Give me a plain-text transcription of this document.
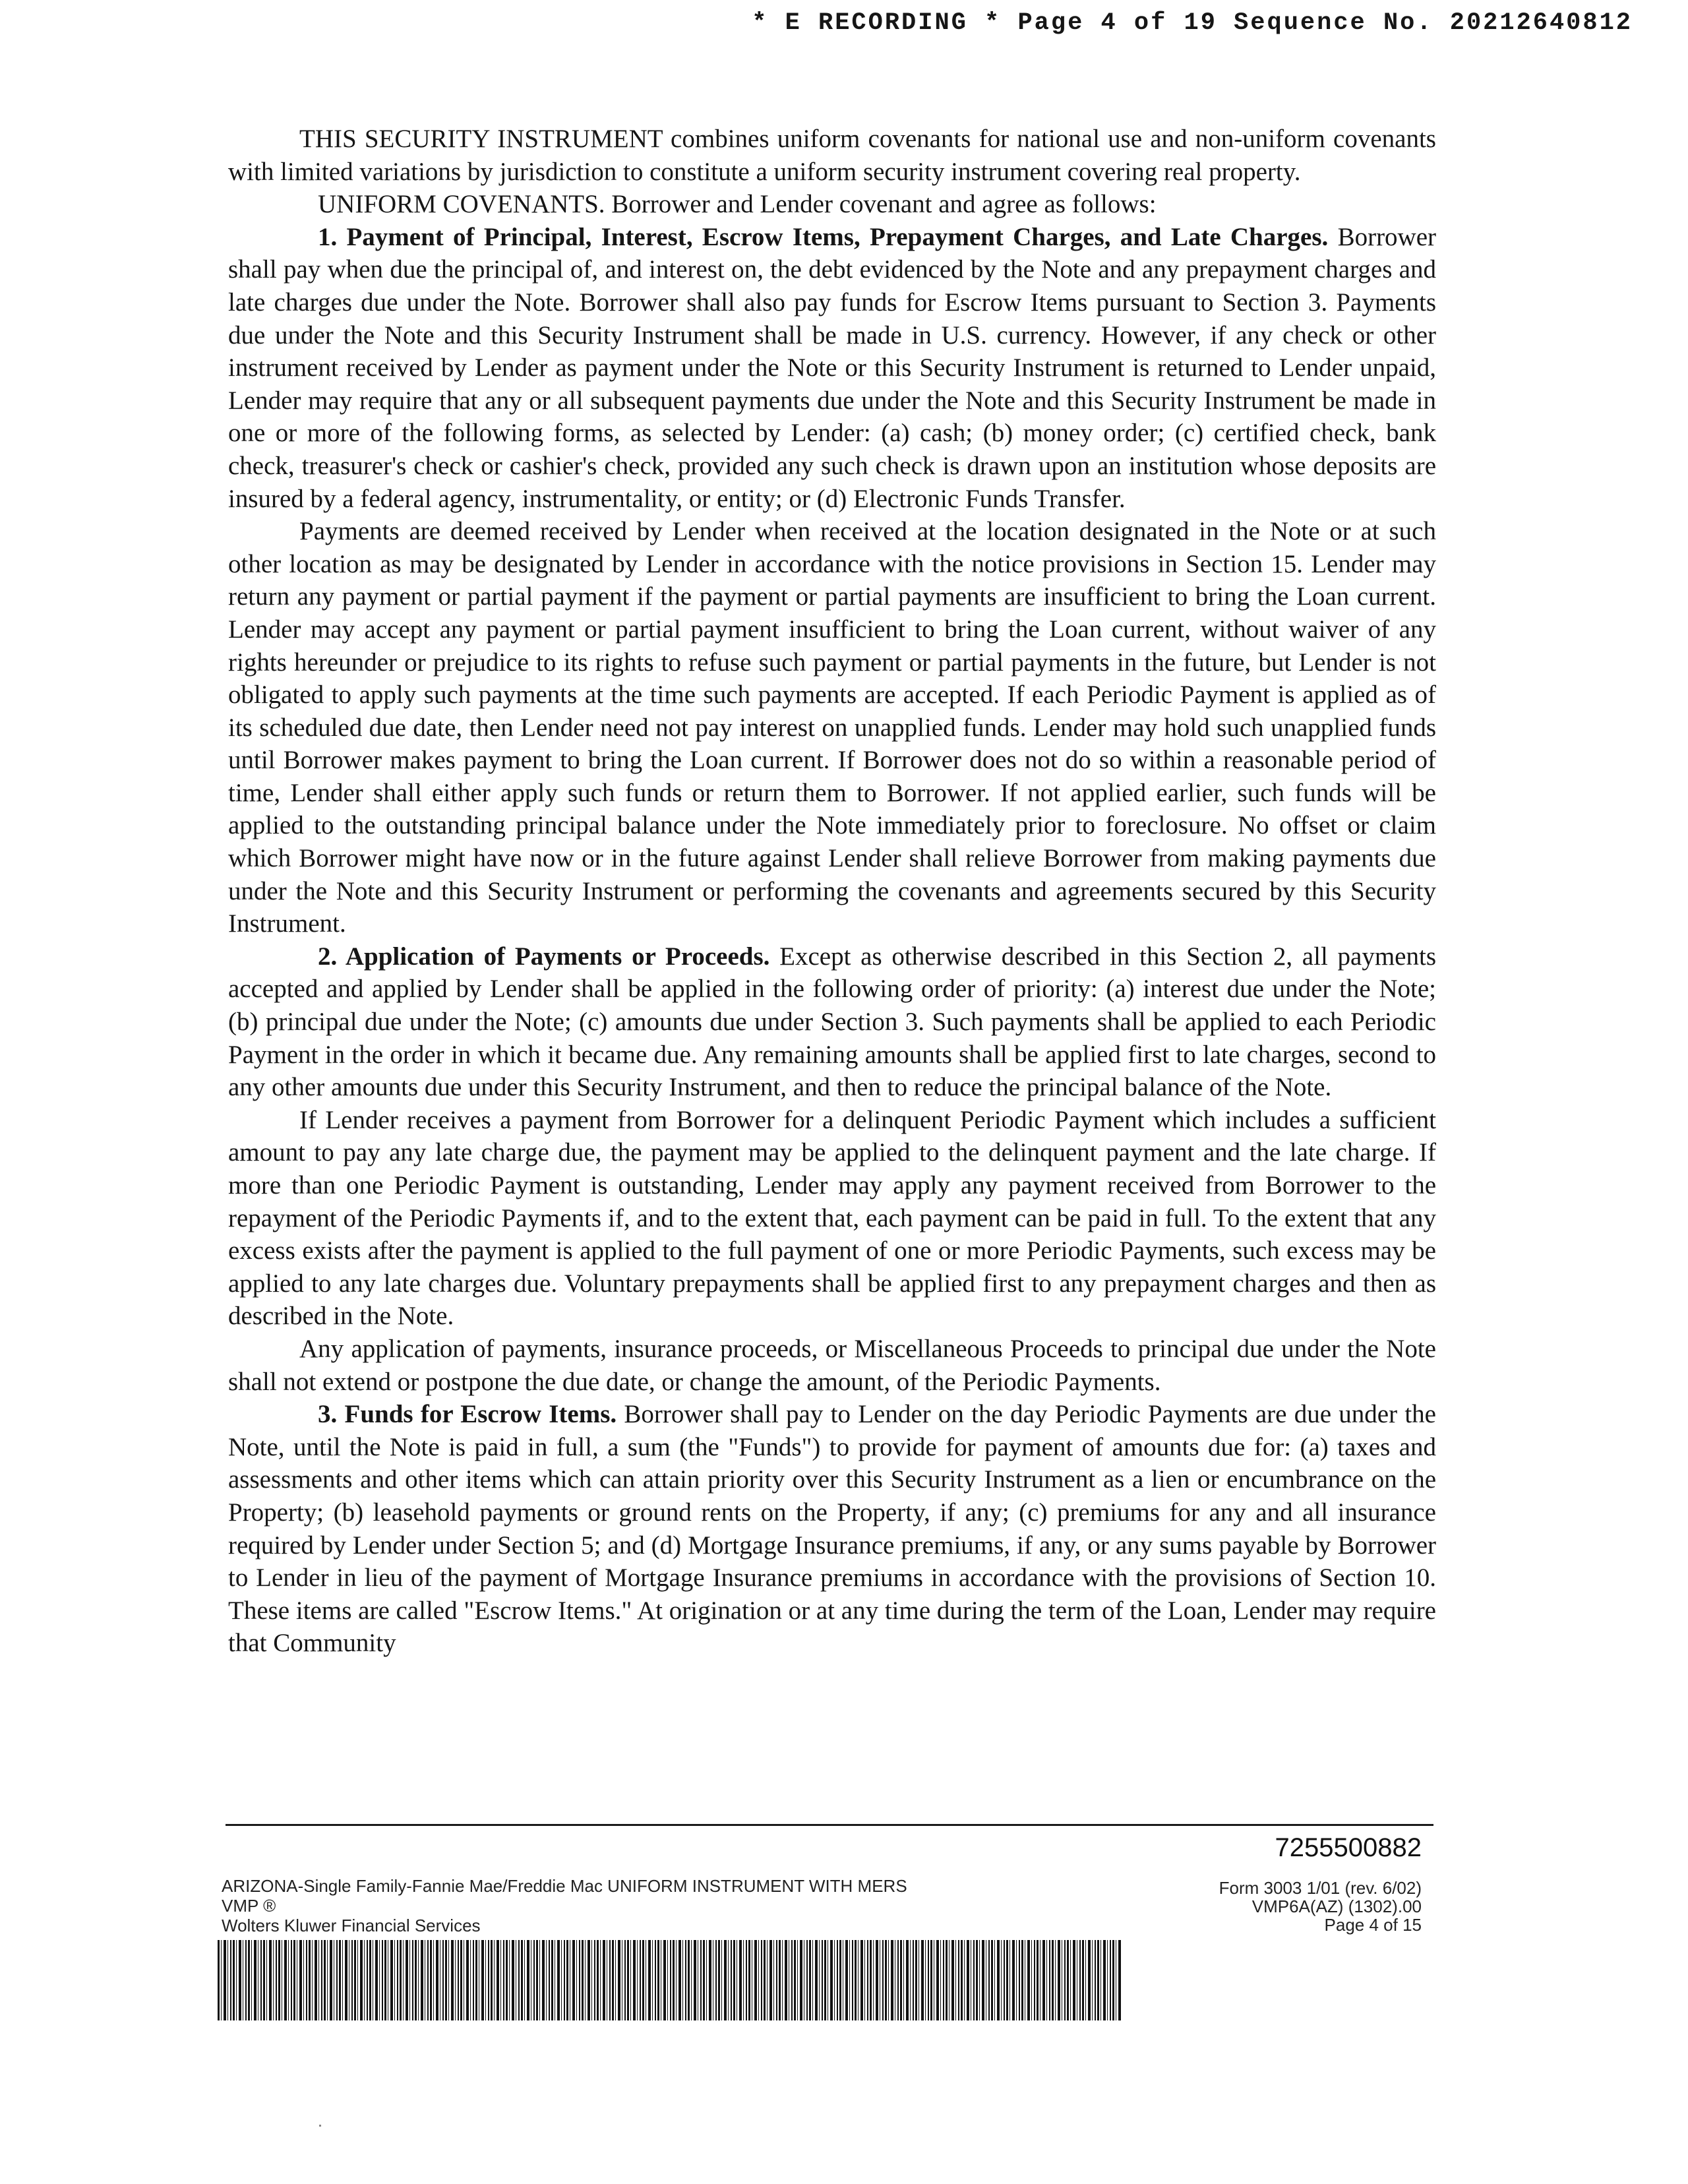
* E RECORDING * Page 4 of 19 Sequence No. 20212640812

THIS SECURITY INSTRUMENT combines uniform covenants for national use and non-uniform covenants with limited variations by jurisdiction to constitute a uniform security instrument covering real property.

UNIFORM COVENANTS. Borrower and Lender covenant and agree as follows:

1. Payment of Principal, Interest, Escrow Items, Prepayment Charges, and Late Charges. Borrower shall pay when due the principal of, and interest on, the debt evidenced by the Note and any prepayment charges and late charges due under the Note. Borrower shall also pay funds for Escrow Items pursuant to Section 3. Payments due under the Note and this Security Instrument shall be made in U.S. currency. However, if any check or other instrument received by Lender as payment under the Note or this Security Instrument is returned to Lender unpaid, Lender may require that any or all subsequent payments due under the Note and this Security Instrument be made in one or more of the following forms, as selected by Lender: (a) cash; (b) money order; (c) certified check, bank check, treasurer's check or cashier's check, provided any such check is drawn upon an institution whose deposits are insured by a federal agency, instrumentality, or entity; or (d) Electronic Funds Transfer.

Payments are deemed received by Lender when received at the location designated in the Note or at such other location as may be designated by Lender in accordance with the notice provisions in Section 15. Lender may return any payment or partial payment if the payment or partial payments are insufficient to bring the Loan current. Lender may accept any payment or partial payment insufficient to bring the Loan current, without waiver of any rights hereunder or prejudice to its rights to refuse such payment or partial payments in the future, but Lender is not obligated to apply such payments at the time such payments are accepted. If each Periodic Payment is applied as of its scheduled due date, then Lender need not pay interest on unapplied funds. Lender may hold such unapplied funds until Borrower makes payment to bring the Loan current. If Borrower does not do so within a reasonable period of time, Lender shall either apply such funds or return them to Borrower. If not applied earlier, such funds will be applied to the outstanding principal balance under the Note immediately prior to foreclosure. No offset or claim which Borrower might have now or in the future against Lender shall relieve Borrower from making payments due under the Note and this Security Instrument or performing the covenants and agreements secured by this Security Instrument.

2. Application of Payments or Proceeds. Except as otherwise described in this Section 2, all payments accepted and applied by Lender shall be applied in the following order of priority: (a) interest due under the Note; (b) principal due under the Note; (c) amounts due under Section 3. Such payments shall be applied to each Periodic Payment in the order in which it became due. Any remaining amounts shall be applied first to late charges, second to any other amounts due under this Security Instrument, and then to reduce the principal balance of the Note.

If Lender receives a payment from Borrower for a delinquent Periodic Payment which includes a sufficient amount to pay any late charge due, the payment may be applied to the delinquent payment and the late charge. If more than one Periodic Payment is outstanding, Lender may apply any payment received from Borrower to the repayment of the Periodic Payments if, and to the extent that, each payment can be paid in full. To the extent that any excess exists after the payment is applied to the full payment of one or more Periodic Payments, such excess may be applied to any late charges due. Voluntary prepayments shall be applied first to any prepayment charges and then as described in the Note.

Any application of payments, insurance proceeds, or Miscellaneous Proceeds to principal due under the Note shall not extend or postpone the due date, or change the amount, of the Periodic Payments.

3. Funds for Escrow Items. Borrower shall pay to Lender on the day Periodic Payments are due under the Note, until the Note is paid in full, a sum (the "Funds") to provide for payment of amounts due for: (a) taxes and assessments and other items which can attain priority over this Security Instrument as a lien or encumbrance on the Property; (b) leasehold payments or ground rents on the Property, if any; (c) premiums for any and all insurance required by Lender under Section 5; and (d) Mortgage Insurance premiums, if any, or any sums payable by Borrower to Lender in lieu of the payment of Mortgage Insurance premiums in accordance with the provisions of Section 10. These items are called "Escrow Items." At origination or at any time during the term of the Loan, Lender may require that Community

7255500882
ARIZONA-Single Family-Fannie Mae/Freddie Mac UNIFORM INSTRUMENT WITH MERS
VMP ®
Wolters Kluwer Financial Services
Form 3003 1/01 (rev. 6/02)
VMP6A(AZ) (1302).00
Page 4 of 15
